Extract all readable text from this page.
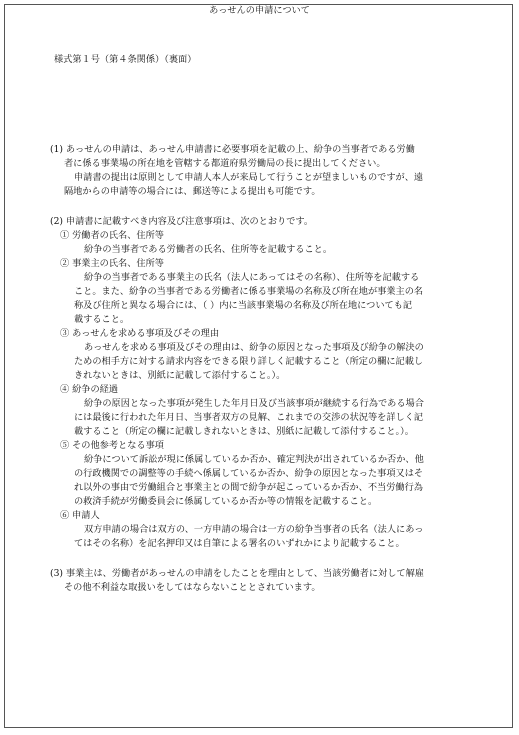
様式第１号（第４条関係）（裏面）
あっせんの申請について
(1) あっせんの申請は、あっせん申請書に必要事項を記載の上、紛争の当事者である労働
者に係る事業場の所在地を管轄する都道府県労働局の長に提出してください。
申請書の提出は原則として申請人本人が来局して行うことが望ましいものですが、遠
隔地からの申請等の場合には、郵送等による提出も可能です。
(2) 申請書に記載すべき内容及び注意事項は、次のとおりです。
① 労働者の氏名、住所等
紛争の当事者である労働者の氏名、住所等を記載すること。
② 事業主の氏名、住所等
紛争の当事者である事業主の氏名（法人にあってはその名称）、住所等を記載する
こと。また、紛争の当事者である労働者に係る事業場の名称及び所在地が事業主の名
称及び住所と異なる場合には、（ ）内に当該事業場の名称及び所在地についても記
載すること。
③ あっせんを求める事項及びその理由
あっせんを求める事項及びその理由は、紛争の原因となった事項及び紛争の解決の
ための相手方に対する請求内容をできる限り詳しく記載すること（所定の欄に記載し
きれないときは、別紙に記載して添付すること。）。
④ 紛争の経過
紛争の原因となった事項が発生した年月日及び当該事項が継続する行為である場合
には最後に行われた年月日、当事者双方の見解、これまでの交渉の状況等を詳しく記
載すること（所定の欄に記載しきれないときは、別紙に記載して添付すること。）。
⑤ その他参考となる事項
紛争について訴訟が現に係属しているか否か、確定判決が出されているか否か、他
の行政機関での調整等の手続へ係属しているか否か、紛争の原因となった事項又はそ
れ以外の事由で労働組合と事業主との間で紛争が起こっているか否か、不当労働行為
の救済手続が労働委員会に係属しているか否か等の情報を記載すること。
⑥ 申請人
双方申請の場合は双方の、一方申請の場合は一方の紛争当事者の氏名（法人にあっ
てはその名称）を記名押印又は自筆による署名のいずれかにより記載すること。
(3) 事業主は、労働者があっせんの申請をしたことを理由として、当該労働者に対して解雇
その他不利益な取扱いをしてはならないこととされています。
